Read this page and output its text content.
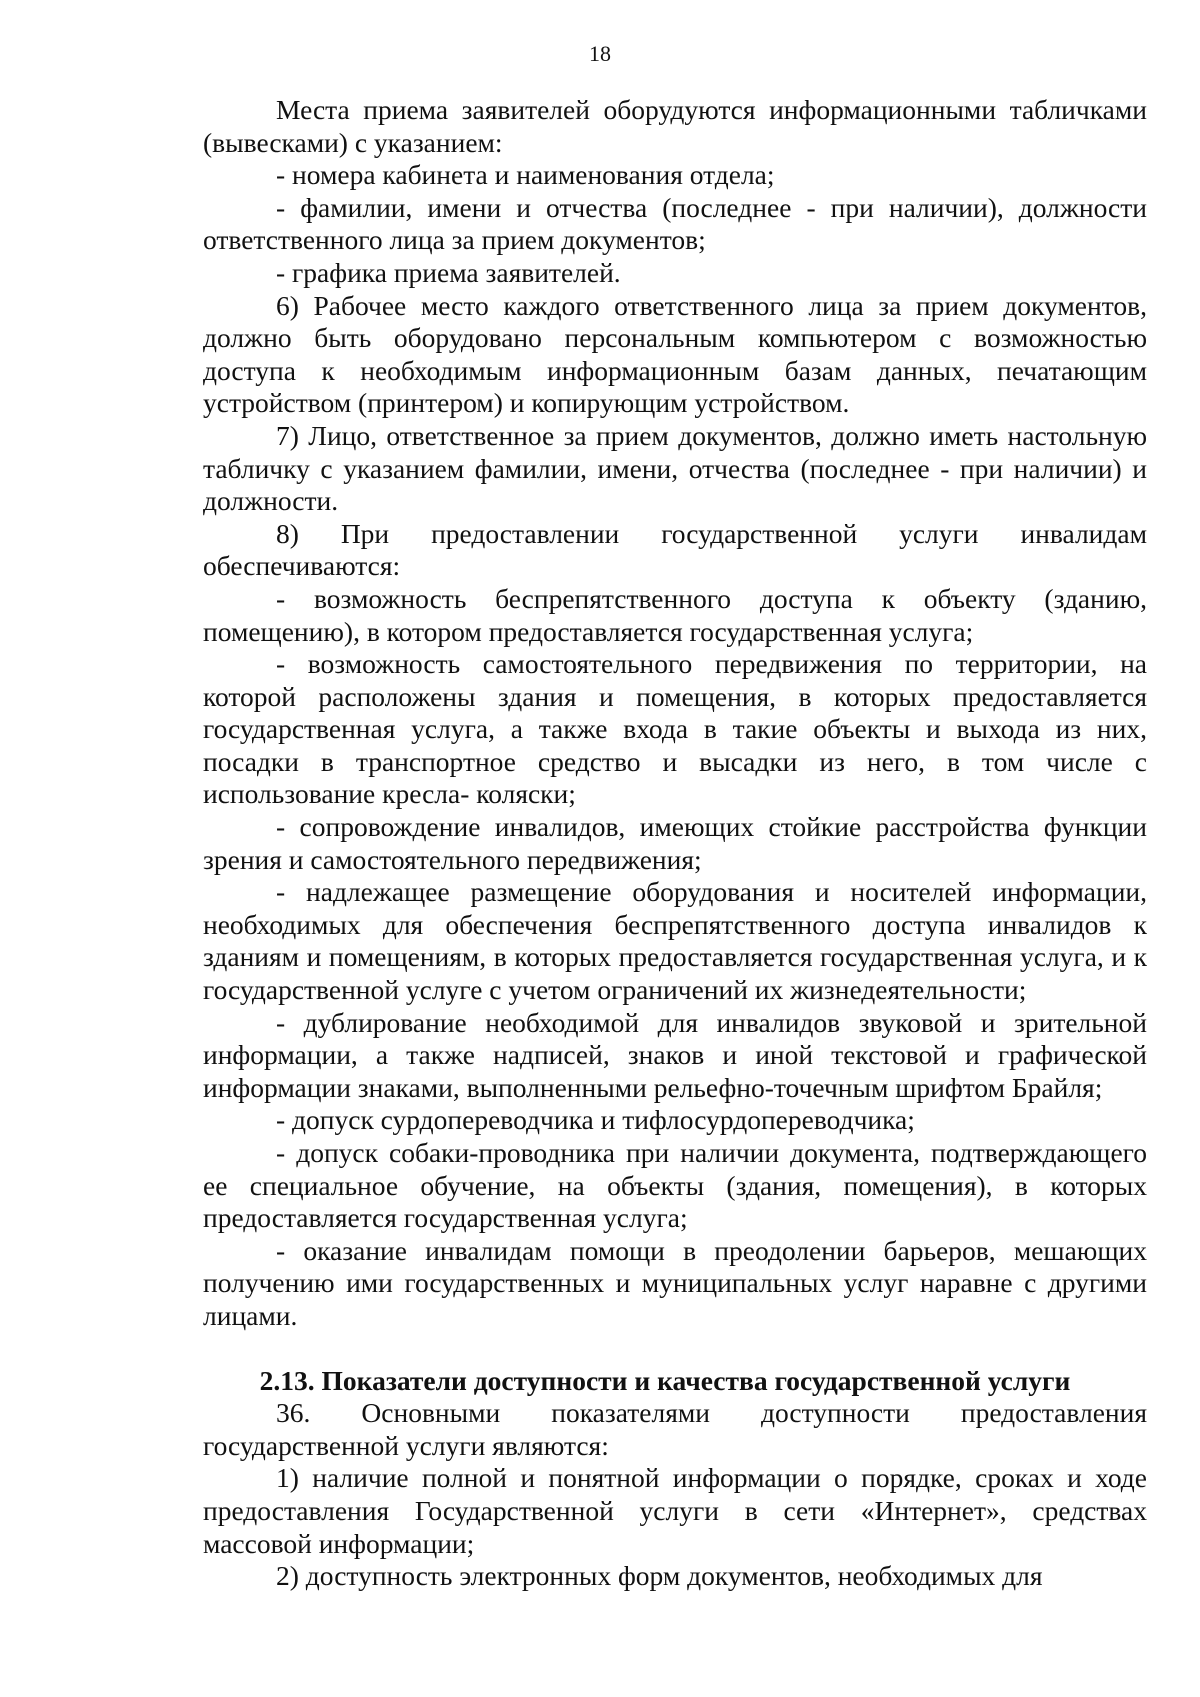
18

Места приема заявителей оборудуются информационными табличками (вывесками) с указанием:

- номера кабинета и наименования отдела;

- фамилии, имени и отчества (последнее - при наличии), должности ответственного лица за прием документов;

- графика приема заявителей.

6) Рабочее место каждого ответственного лица за прием документов, должно быть оборудовано персональным компьютером с возможностью доступа к необходимым информационным базам данных, печатающим устройством (принтером) и копирующим устройством.

7) Лицо, ответственное за прием документов, должно иметь настольную табличку с указанием фамилии, имени, отчества (последнее - при наличии) и должности.

8) При предоставлении государственной услуги инвалидам обеспечиваются:

- возможность беспрепятственного доступа к объекту (зданию, помещению), в котором предоставляется государственная услуга;

- возможность самостоятельного передвижения по территории, на которой расположены здания и помещения, в которых предоставляется государственная услуга, а также входа в такие объекты и выхода из них, посадки в транспортное средство и высадки из него, в том числе с использование кресла- коляски;

- сопровождение инвалидов, имеющих стойкие расстройства функции зрения и самостоятельного передвижения;

- надлежащее размещение оборудования и носителей информации, необходимых для обеспечения беспрепятственного доступа инвалидов к зданиям и помещениям, в которых предоставляется государственная услуга, и к государственной услуге с учетом ограничений их жизнедеятельности;

- дублирование необходимой для инвалидов звуковой и зрительной информации, а также надписей, знаков и иной текстовой и графической информации знаками, выполненными рельефно-точечным шрифтом Брайля;

- допуск сурдопереводчика и тифлосурдопереводчика;

- допуск собаки-проводника при наличии документа, подтверждающего ее специальное обучение, на объекты (здания, помещения), в которых предоставляется государственная услуга;

- оказание инвалидам помощи в преодолении барьеров, мешающих получению ими государственных и муниципальных услуг наравне с другими лицами.

2.13. Показатели доступности и качества государственной услуги

36. Основными показателями доступности предоставления государственной услуги являются:

1) наличие полной и понятной информации о порядке, сроках и ходе предоставления Государственной услуги в сети «Интернет», средствах массовой информации;

2) доступность электронных форм документов, необходимых для
